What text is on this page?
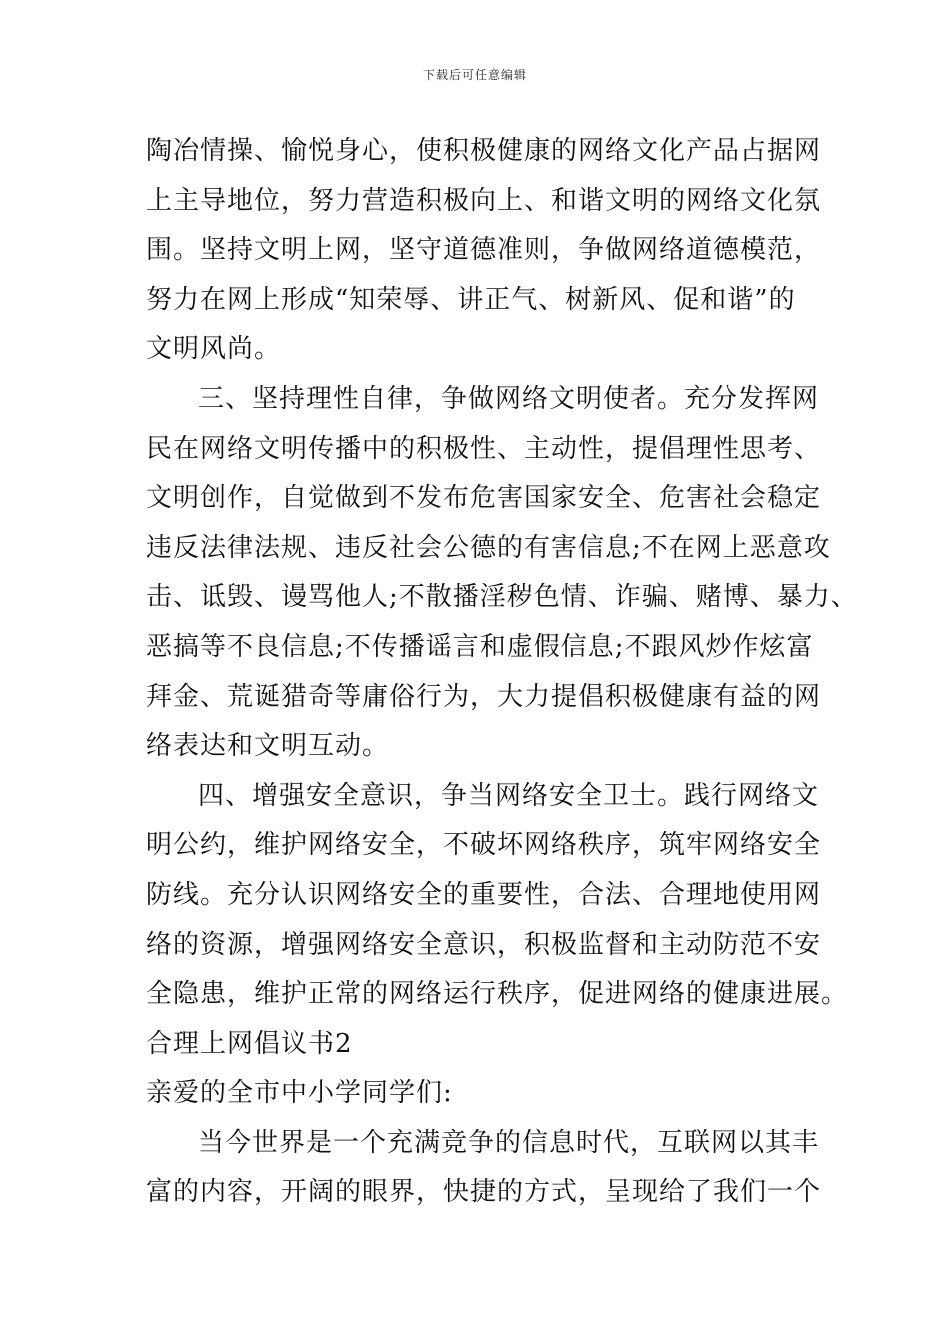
下载后可任意编辑
陶冶情操、愉悦身心，使积极健康的网络文化产品占据网
上主导地位，努力营造积极向上、和谐文明的网络文化氛
围。坚持文明上网，坚守道德准则，争做网络道德模范，
努力在网上形成“知荣辱、讲正气、树新风、促和谐”的
文明风尚。
三、坚持理性自律，争做网络文明使者。充分发挥网
民在网络文明传播中的积极性、主动性，提倡理性思考、
文明创作，自觉做到不发布危害国家安全、危害社会稳定
违反法律法规、违反社会公德的有害信息;不在网上恶意攻
击、诋毁、谩骂他人;不散播淫秽色情、诈骗、赌博、暴力、
恶搞等不良信息;不传播谣言和虚假信息;不跟风炒作炫富
拜金、荒诞猎奇等庸俗行为，大力提倡积极健康有益的网
络表达和文明互动。
四、增强安全意识，争当网络安全卫士。践行网络文
明公约，维护网络安全，不破坏网络秩序，筑牢网络安全
防线。充分认识网络安全的重要性，合法、合理地使用网
络的资源，增强网络安全意识，积极监督和主动防范不安
全隐患，维护正常的网络运行秩序，促进网络的健康进展。
合理上网倡议书2
亲爱的全市中小学同学们:
当今世界是一个充满竞争的信息时代，互联网以其丰
富的内容，开阔的眼界，快捷的方式，呈现给了我们一个
